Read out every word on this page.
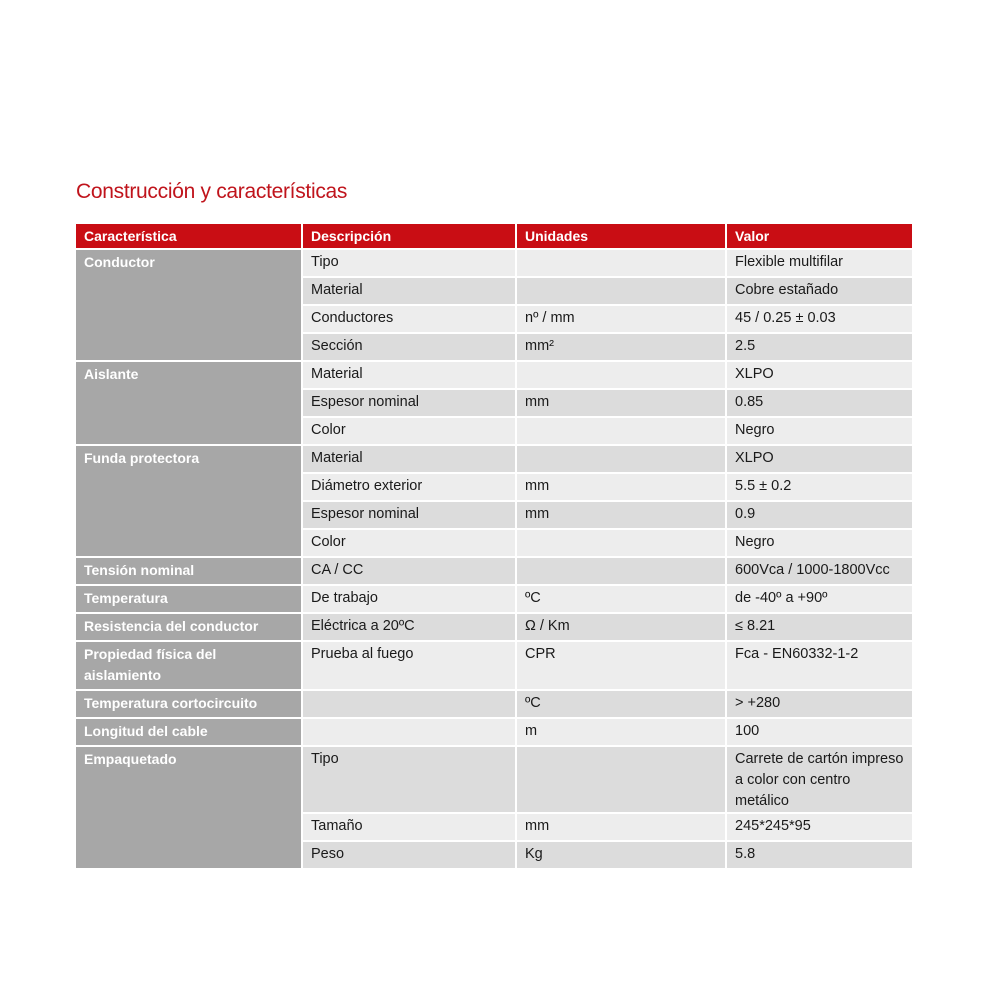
Construcción y características
Característica	Descripción	Unidades	Valor
Conductor	Tipo		Flexible multifilar
	Material		Cobre estañado
	Conductores	nº / mm	45 / 0.25 ± 0.03
	Sección	mm²	2.5
Aislante	Material		XLPO
	Espesor nominal	mm	0.85
	Color		Negro
Funda protectora	Material		XLPO
	Diámetro exterior	mm	5.5 ± 0.2
	Espesor nominal	mm	0.9
	Color		Negro
Tensión nominal	CA / CC		600Vca / 1000-1800Vcc
Temperatura	De trabajo	ºC	de -40º a +90º
Resistencia del conductor	Eléctrica a 20ºC	Ω / Km	≤ 8.21
Propiedad física del aislamiento	Prueba al fuego	CPR	Fca - EN60332-1-2
Temperatura cortocircuito		ºC	> +280
Longitud del cable		m	100
Empaquetado	Tipo		Carrete de cartón impreso a color con centro metálico
	Tamaño	mm	245*245*95
	Peso	Kg	5.8
